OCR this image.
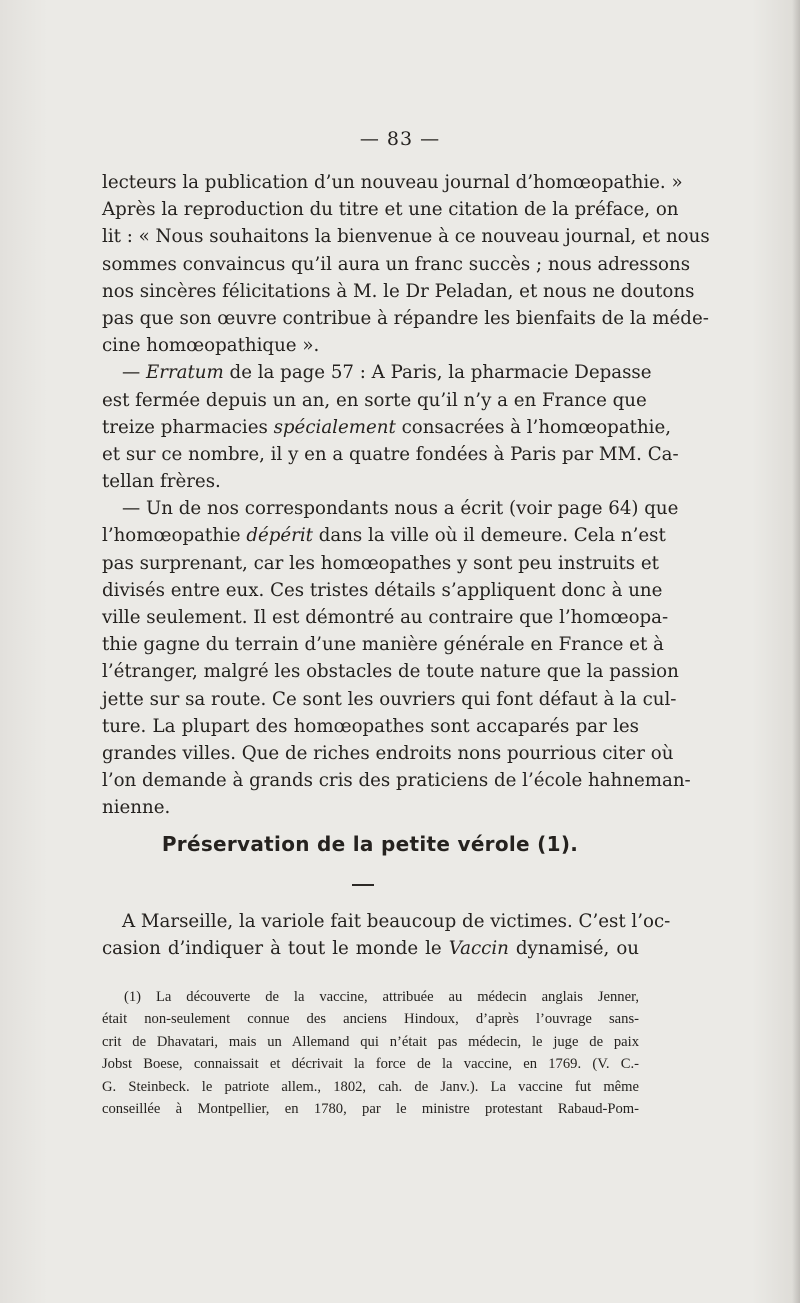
— 83 —
lecteurs la publication d’un nouveau journal d’homœopathie. »
Après la reproduction du titre et une citation de la préface, on
lit : « Nous souhaitons la bienvenue à ce nouveau journal, et nous
sommes convaincus qu’il aura un franc succès ; nous adressons
nos sincères félicitations à M. le Dr Peladan, et nous ne doutons
pas que son œuvre contribue à répandre les bienfaits de la méde-
cine homœopathique ».
— Erratum de la page 57 : A Paris, la pharmacie Depasse
est fermée depuis un an, en sorte qu’il n’y a en France que
treize pharmacies spécialement consacrées à l’homœopathie,
et sur ce nombre, il y en a quatre fondées à Paris par MM. Ca-
tellan frères.
— Un de nos correspondants nous a écrit (voir page 64) que
l’homœopathie dépérit dans la ville où il demeure. Cela n’est
pas surprenant, car les homœopathes y sont peu instruits et
divisés entre eux. Ces tristes détails s’appliquent donc à une
ville seulement. Il est démontré au contraire que l’homœopa-
thie gagne du terrain d’une manière générale en France et à
l’étranger, malgré les obstacles de toute nature que la passion
jette sur sa route. Ce sont les ouvriers qui font défaut à la cul-
ture. La plupart des homœopathes sont accaparés par les
grandes villes. Que de riches endroits nons pourrious citer où
l’on demande à grands cris des praticiens de l’école hahneman-
nienne.
Préservation de la petite vérole (1).
A Marseille, la variole fait beaucoup de victimes. C’est l’oc-
casion d’indiquer à tout le monde le Vaccin dynamisé, ou
(1) La découverte de la vaccine, attribuée au médecin anglais Jenner,
était non-seulement connue des anciens Hindoux, d’après l’ouvrage sans-
crit de Dhavatari, mais un Allemand qui n’était pas médecin, le juge de paix
Jobst Boese, connaissait et décrivait la force de la vaccine, en 1769. (V. C.-
G. Steinbeck. le patriote allem., 1802, cah. de Janv.). La vaccine fut même
conseillée à Montpellier, en 1780, par le ministre protestant Rabaud-Pom-
